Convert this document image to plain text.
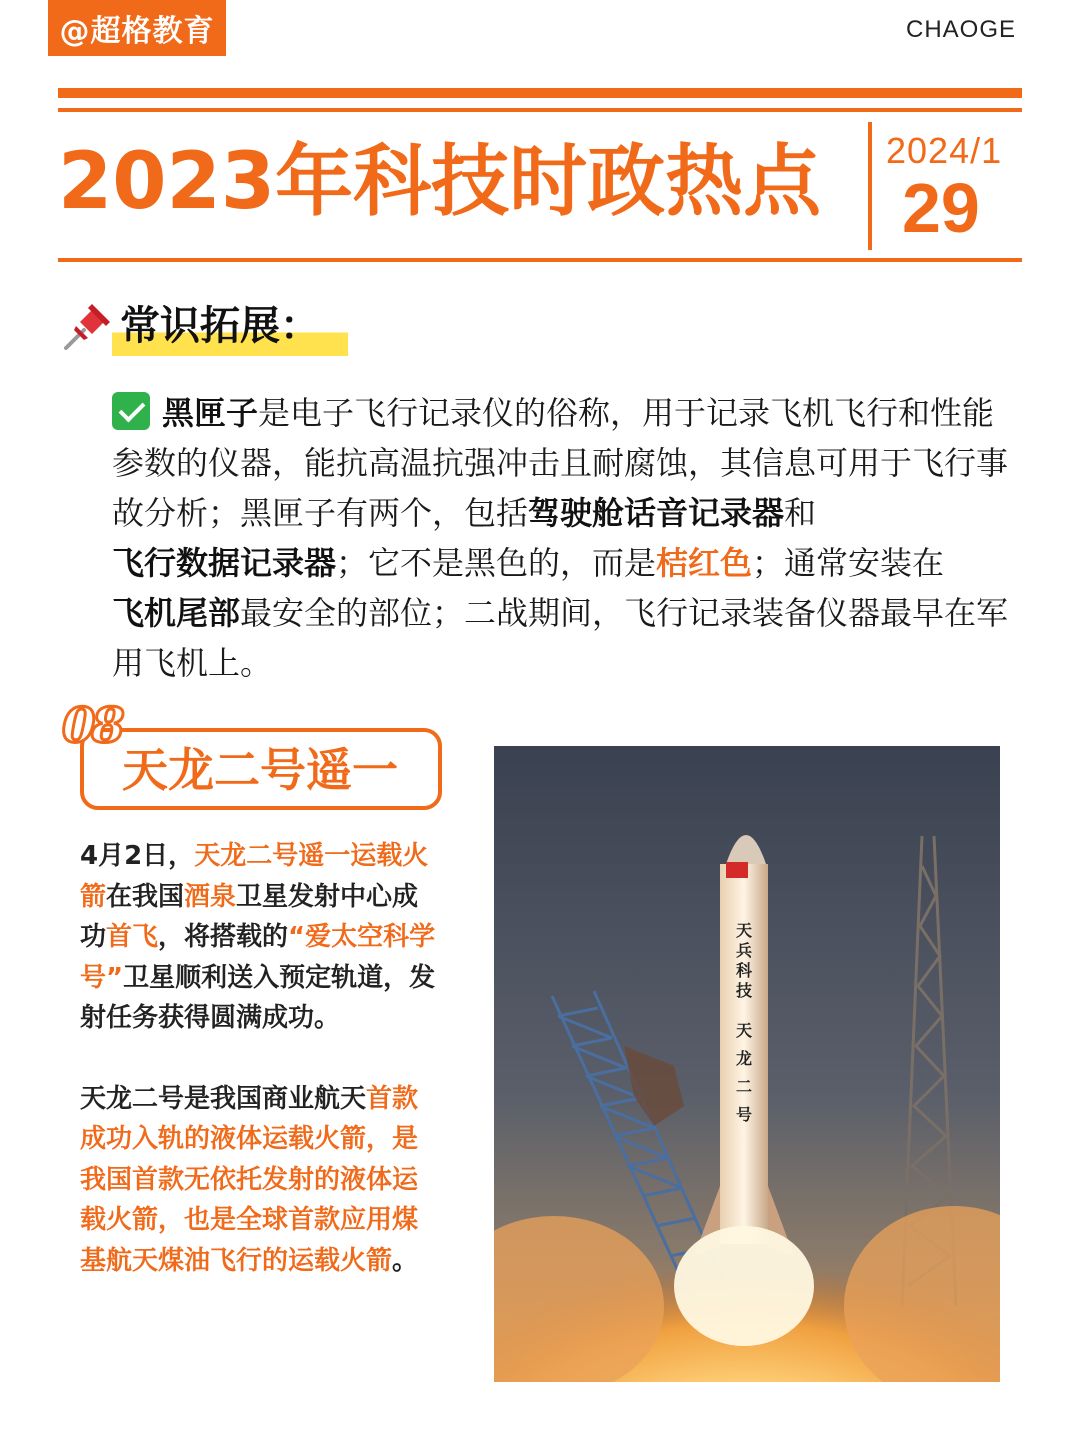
@超格教育	CHAOGE
2023年科技时政热点	2024/1
29
常识拓展：
黑匣子是电子飞行记录仪的俗称，用于记录飞机飞行和性能参数的仪器，能抗高温抗强冲击且耐腐蚀，其信息可用于飞行事故分析；黑匣子有两个，包括驾驶舱话音记录器和
飞行数据记录器；它不是黑色的，而是桔红色；通常安装在
飞机尾部最安全的部位；二战期间，飞行记录装备仪器最早在军用飞机上。
08
天龙二号遥一

4月2日，天龙二号遥一运载火箭在我国酒泉卫星发射中心成功首飞，将搭载的“爱太空科学号”卫星顺利送入预定轨道，发射任务获得圆满成功。

天龙二号是我国商业航天首款成功入轨的液体运载火箭，是我国首款无依托发射的液体运载火箭，也是全球首款应用煤基航天煤油飞行的运载火箭。

天兵科技
天龙二号
